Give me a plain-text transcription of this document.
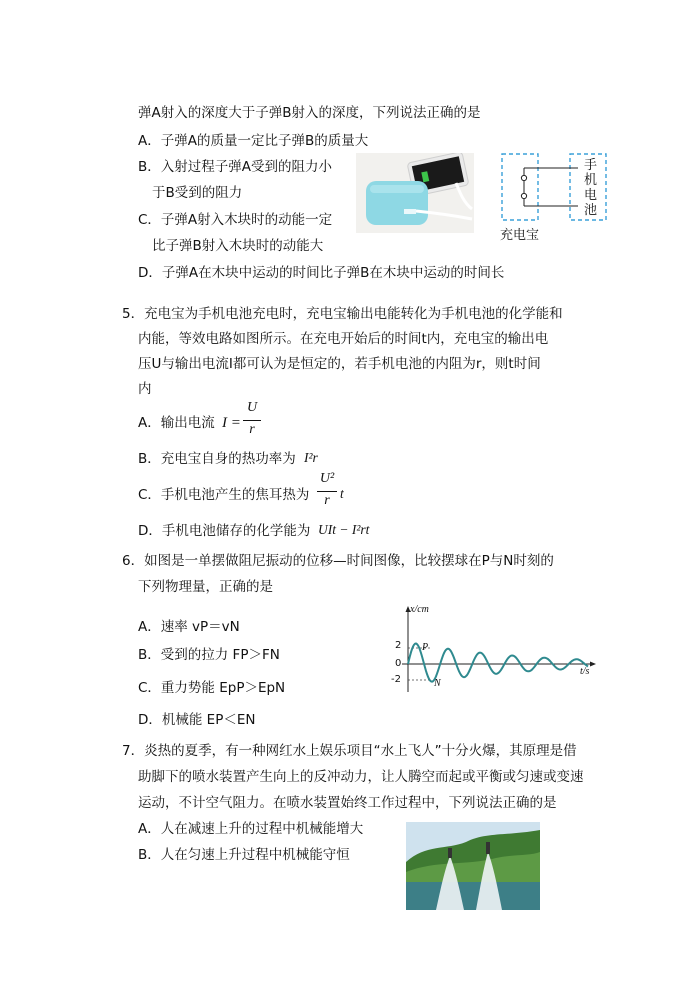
弹A射入的深度大于子弹B射入的深度，下列说法正确的是
A．子弹A的质量一定比子弹B的质量大
B．入射过程子弹A受到的阻力小
于B受到的阻力
C．子弹A射入木块时的动能一定
比子弹B射入木块时的动能大
D．子弹A在木块中运动的时间比子弹B在木块中运动的时间长
手
机
电
池
充电宝
5．充电宝为手机电池充电时，充电宝输出电能转化为手机电池的化学能和
内能，等效电路如图所示。在充电开始后的时间t内，充电宝的输出电
压U与输出电流I都可认为是恒定的，若手机电池的内阻为r，则t时间
内
A．输出电流 I =
U
r
B．充电宝自身的热功率为 I²r
C．手机电池产生的焦耳热为
U²
r t
D．手机电池储存的化学能为 UIt − I²rt
6．如图是一单摆做阻尼振动的位移—时间图像，比较摆球在P与N时刻的
下列物理量，正确的是
A．速率 vP＝vN
B．受到的拉力 FP＞FN
C．重力势能 EpP＞EpN
D．机械能 EP＜EN
x/cm
t/s
2
0
-2
P
N
7．炎热的夏季，有一种网红水上娱乐项目“水上飞人”十分火爆，其原理是借
助脚下的喷水装置产生向上的反冲动力，让人腾空而起或平衡或匀速或变速
运动，不计空气阻力。在喷水装置始终工作过程中，下列说法正确的是
A．人在减速上升的过程中机械能增大
B．人在匀速上升过程中机械能守恒
